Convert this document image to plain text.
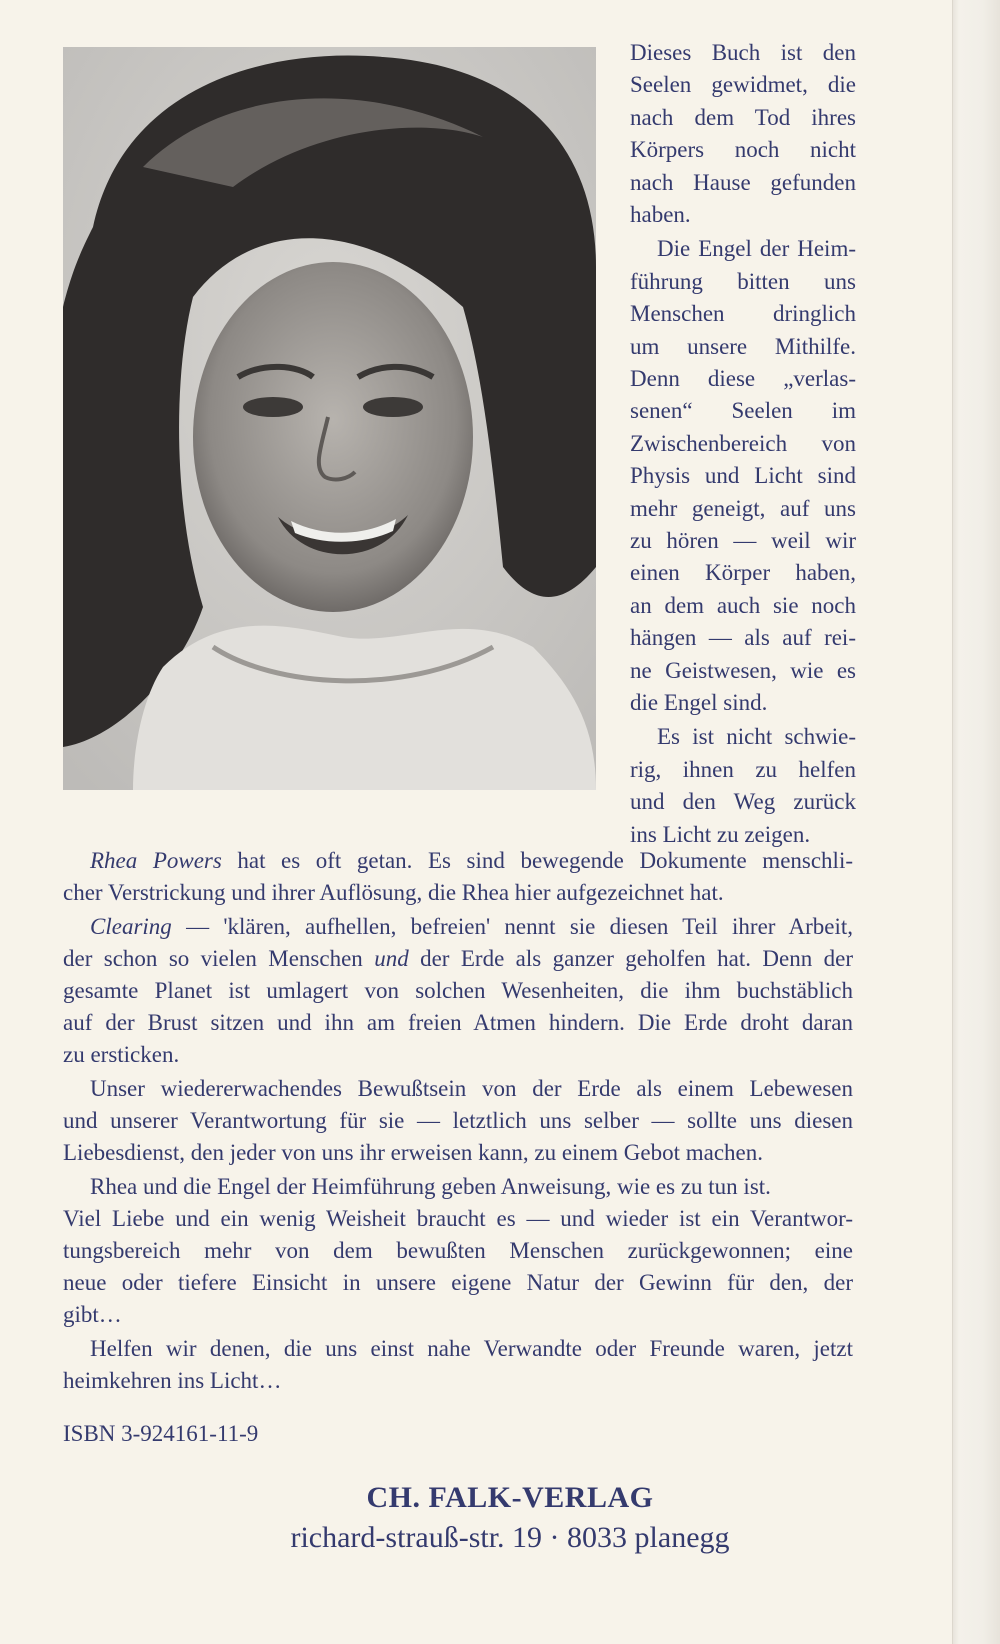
Dieses Buch ist den
Seelen gewidmet, die
nach dem Tod ihres
Körpers noch nicht
nach Hause gefunden
haben.
Die Engel der Heim-
führung bitten uns
Menschen dringlich
um unsere Mithilfe.
Denn diese „verlas-
senen“ Seelen im
Zwischenbereich von
Physis und Licht sind
mehr geneigt, auf uns
zu hören — weil wir
einen Körper haben,
an dem auch sie noch
hängen — als auf rei-
ne Geistwesen, wie es
die Engel sind.
Es ist nicht schwie-
rig, ihnen zu helfen
und den Weg zurück
ins Licht zu zeigen.
Rhea Powers hat es oft getan. Es sind bewegende Dokumente menschli-
cher Verstrickung und ihrer Auflösung, die Rhea hier aufgezeichnet hat.
Clearing — 'klären, aufhellen, befreien' nennt sie diesen Teil ihrer Arbeit,
der schon so vielen Menschen und der Erde als ganzer geholfen hat. Denn der
gesamte Planet ist umlagert von solchen Wesenheiten, die ihm buchstäblich
auf der Brust sitzen und ihn am freien Atmen hindern. Die Erde droht daran
zu ersticken.
Unser wiedererwachendes Bewußtsein von der Erde als einem Lebewesen
und unserer Verantwortung für sie — letztlich uns selber — sollte uns diesen
Liebesdienst, den jeder von uns ihr erweisen kann, zu einem Gebot machen.
Rhea und die Engel der Heimführung geben Anweisung, wie es zu tun ist.
Viel Liebe und ein wenig Weisheit braucht es — und wieder ist ein Verantwor-
tungsbereich mehr von dem bewußten Menschen zurückgewonnen; eine
neue oder tiefere Einsicht in unsere eigene Natur der Gewinn für den, der
gibt…
Helfen wir denen, die uns einst nahe Verwandte oder Freunde waren, jetzt
heimkehren ins Licht…
ISBN 3-924161-11-9
CH. FALK-VERLAG
richard-strauß-str. 19 · 8033 planegg
